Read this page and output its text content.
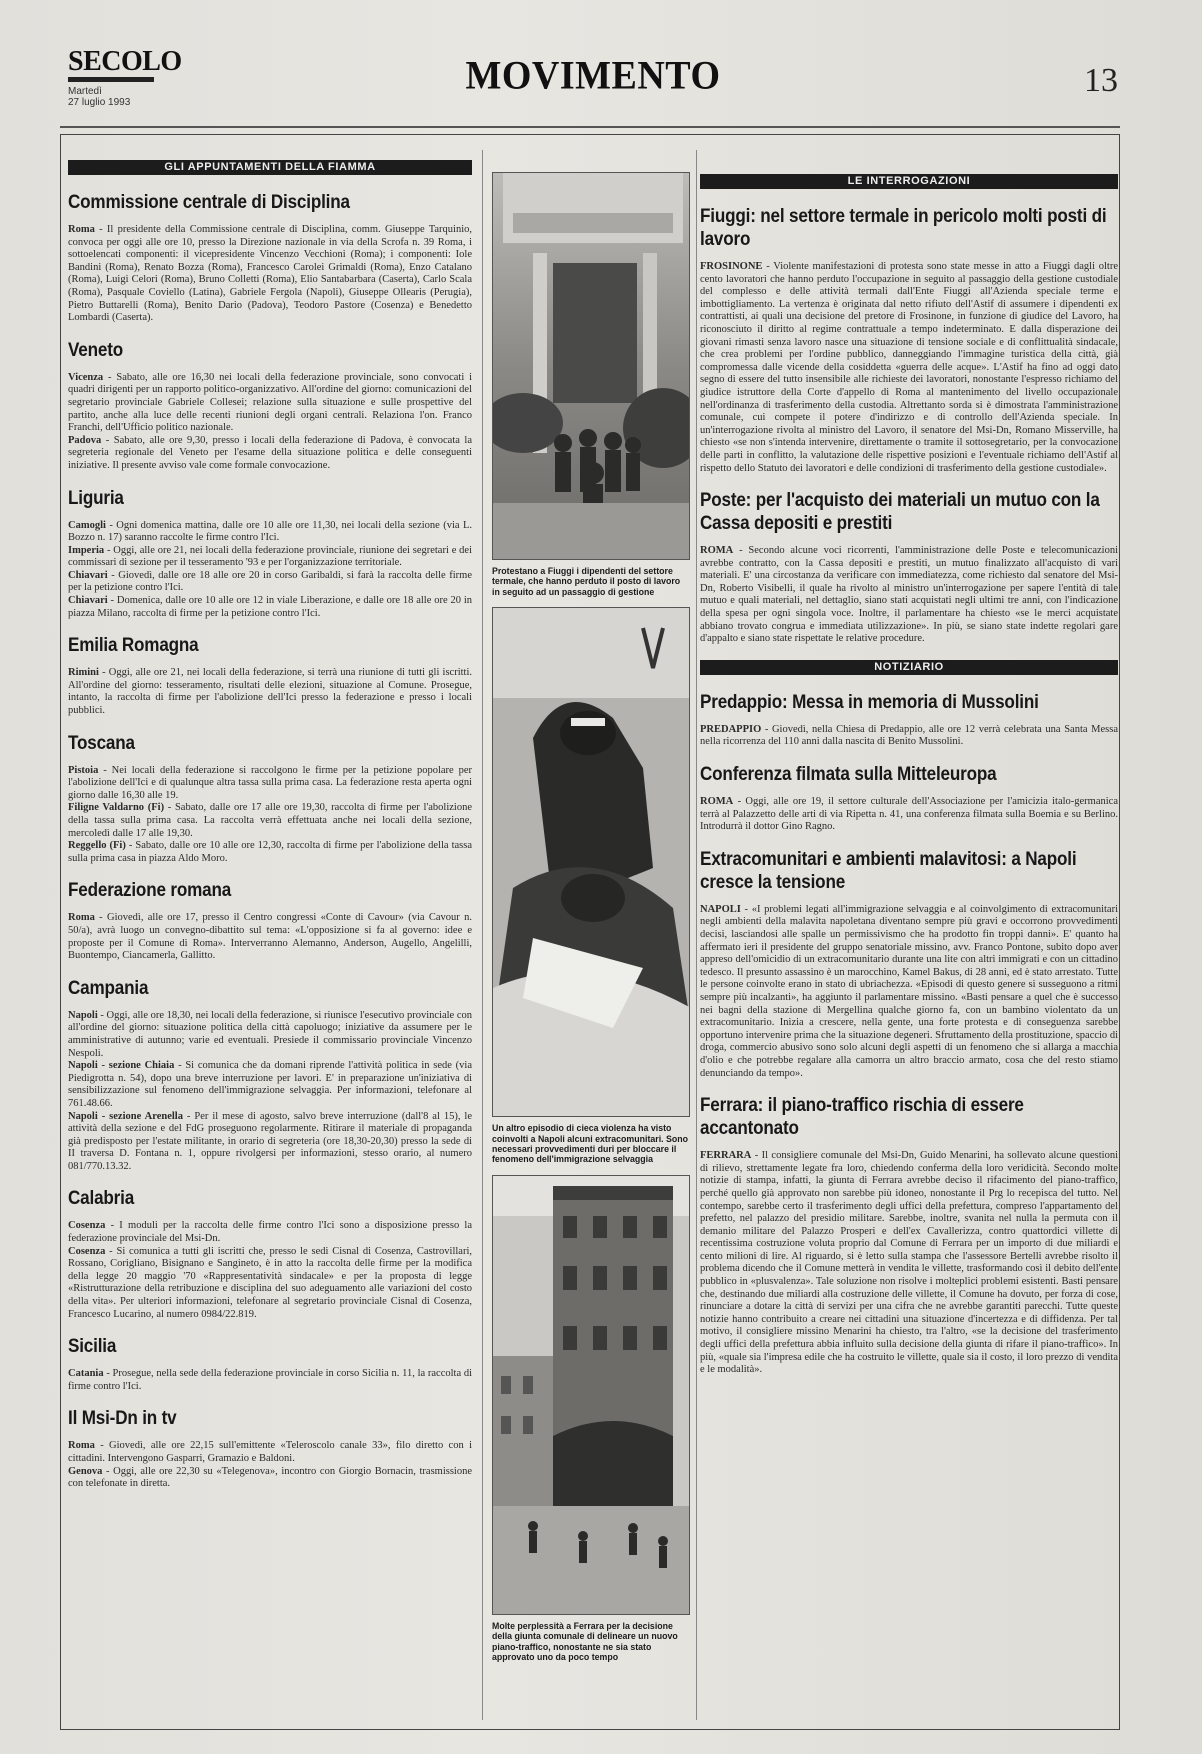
SECOLO
Martedì
27 luglio 1993
MOVIMENTO	13
GLI APPUNTAMENTI DELLA FIAMMA
Commissione centrale di Disciplina

Roma - Il presidente della Commissione centrale di Disciplina, comm. Giuseppe Tarquinio, convoca per oggi alle ore 10, presso la Direzione nazionale in via della Scrofa n. 39 Roma, i sottoelencati componenti: il vicepresidente Vincenzo Vecchioni (Roma); i componenti: Iole Bandini (Roma), Renato Bozza (Roma), Francesco Carolei Grimaldi (Roma), Enzo Catalano (Roma), Luigi Celori (Roma), Bruno Colletti (Roma), Elio Santabarbara (Caserta), Carlo Scala (Roma), Pasquale Coviello (Latina), Gabriele Fergola (Napoli), Giuseppe Ollearis (Perugia), Pietro Buttarelli (Roma), Benito Dario (Padova), Teodoro Pastore (Cosenza) e Benedetto Lombardi (Caserta).

Veneto

Vicenza - Sabato, alle ore 16,30 nei locali della federazione provinciale, sono convocati i quadri dirigenti per un rapporto politico-organizzativo. All'ordine del giorno: comunicazioni del segretario provinciale Gabriele Collesei; relazione sulla situazione e sulle prospettive del partito, anche alla luce delle recenti riunioni degli organi centrali. Relaziona l'on. Franco Franchi, dell'Ufficio politico nazionale.

Padova - Sabato, alle ore 9,30, presso i locali della federazione di Padova, è convocata la segreteria regionale del Veneto per l'esame della situazione politica e delle conseguenti iniziative. Il presente avviso vale come formale convocazione.

Liguria

Camogli - Ogni domenica mattina, dalle ore 10 alle ore 11,30, nei locali della sezione (via L. Bozzo n. 17) saranno raccolte le firme contro l'Ici.

Imperia - Oggi, alle ore 21, nei locali della federazione provinciale, riunione dei segretari e dei commissari di sezione per il tesseramento '93 e per l'organizzazione territoriale.

Chiavari - Giovedì, dalle ore 18 alle ore 20 in corso Garibaldi, si farà la raccolta delle firme per la petizione contro l'Ici.

Chiavari - Domenica, dalle ore 10 alle ore 12 in viale Liberazione, e dalle ore 18 alle ore 20 in piazza Milano, raccolta di firme per la petizione contro l'Ici.

Emilia Romagna

Rimini - Oggi, alle ore 21, nei locali della federazione, si terrà una riunione di tutti gli iscritti. All'ordine del giorno: tesseramento, risultati delle elezioni, situazione al Comune. Prosegue, intanto, la raccolta di firme per l'abolizione dell'Ici presso la federazione e presso i locali pubblici.

Toscana

Pistoia - Nei locali della federazione si raccolgono le firme per la petizione popolare per l'abolizione dell'Ici e di qualunque altra tassa sulla prima casa. La federazione resta aperta ogni giorno dalle 16,30 alle 19.

Filigne Valdarno (Fi) - Sabato, dalle ore 17 alle ore 19,30, raccolta di firme per l'abolizione della tassa sulla prima casa. La raccolta verrà effettuata anche nei locali della sezione, mercoledì dalle 17 alle 19,30.

Reggello (Fi) - Sabato, dalle ore 10 alle ore 12,30, raccolta di firme per l'abolizione della tassa sulla prima casa in piazza Aldo Moro.

Federazione romana

Roma - Giovedì, alle ore 17, presso il Centro congressi «Conte di Cavour» (via Cavour n. 50/a), avrà luogo un convegno-dibattito sul tema: «L'opposizione si fa al governo: idee e proposte per il Comune di Roma». Interverranno Alemanno, Anderson, Augello, Angelilli, Buontempo, Ciancamerla, Gallitto.

Campania

Napoli - Oggi, alle ore 18,30, nei locali della federazione, si riunisce l'esecutivo provinciale con all'ordine del giorno: situazione politica della città capoluogo; iniziative da assumere per le amministrative di autunno; varie ed eventuali. Presiede il commissario provinciale Vincenzo Nespoli.

Napoli - sezione Chiaia - Si comunica che da domani riprende l'attività politica in sede (via Piedigrotta n. 54), dopo una breve interruzione per lavori. E' in preparazione un'iniziativa di sensibilizzazione sul fenomeno dell'immigrazione selvaggia. Per informazioni, telefonare al 761.48.66.

Napoli - sezione Arenella - Per il mese di agosto, salvo breve interruzione (dall'8 al 15), le attività della sezione e del FdG proseguono regolarmente. Ritirare il materiale di propaganda già predisposto per l'estate militante, in orario di segreteria (ore 18,30-20,30) presso la sede di II traversa D. Fontana n. 1, oppure rivolgersi per informazioni, stesso orario, al numero 081/770.13.32.

Calabria

Cosenza - I moduli per la raccolta delle firme contro l'Ici sono a disposizione presso la federazione provinciale del Msi-Dn.

Cosenza - Si comunica a tutti gli iscritti che, presso le sedi Cisnal di Cosenza, Castrovillari, Rossano, Corigliano, Bisignano e Sangineto, è in atto la raccolta delle firme per la modifica della legge 20 maggio '70 «Rappresentatività sindacale» e per la proposta di legge «Ristrutturazione della retribuzione e disciplina del suo adeguamento alle variazioni del costo della vita». Per ulteriori informazioni, telefonare al segretario provinciale Cisnal di Cosenza, Francesco Lucarino, al numero 0984/22.819.

Sicilia

Catania - Prosegue, nella sede della federazione provinciale in corso Sicilia n. 11, la raccolta di firme contro l'Ici.

Il Msi-Dn in tv

Roma - Giovedì, alle ore 22,15 sull'emittente «Teleroscolo canale 33», filo diretto con i cittadini. Intervengono Gasparri, Gramazio e Baldoni.

Genova - Oggi, alle ore 22,30 su «Telegenova», incontro con Giorgio Bornacin, trasmissione con telefonate in diretta.

Protestano a Fiuggi i dipendenti del settore termale, che hanno perduto il posto di lavoro in seguito ad un passaggio di gestione
Un altro episodio di cieca violenza ha visto coinvolti a Napoli alcuni extracomunitari. Sono necessari provvedimenti duri per bloccare il fenomeno dell'immigrazione selvaggia
Molte perplessità a Ferrara per la decisione della giunta comunale di delineare un nuovo piano-traffico, nonostante ne sia stato approvato uno da poco tempo
LE INTERROGAZIONI
Fiuggi: nel settore termale in pericolo molti posti di lavoro

FROSINONE - Violente manifestazioni di protesta sono state messe in atto a Fiuggi dagli oltre cento lavoratori che hanno perduto l'occupazione in seguito al passaggio della gestione custodiale del complesso e delle attività termali dall'Ente Fiuggi all'Azienda speciale terme e imbottigliamento. La vertenza è originata dal netto rifiuto dell'Astif di assumere i dipendenti ex contrattisti, ai quali una decisione del pretore di Frosinone, in funzione di giudice del Lavoro, ha riconosciuto il diritto al regime contrattuale a tempo indeterminato. E dalla disperazione dei giovani rimasti senza lavoro nasce una situazione di tensione sociale e di conflittualità sindacale, che crea problemi per l'ordine pubblico, danneggiando l'immagine turistica della città, già compromessa dalle vicende della cosiddetta «guerra delle acque». L'Astif ha fino ad oggi dato segno di essere del tutto insensibile alle richieste dei lavoratori, nonostante l'espresso richiamo del giudice istruttore della Corte d'appello di Roma al mantenimento del livello occupazionale nell'ordinanza di trasferimento della custodia. Altrettanto sorda si è dimostrata l'amministrazione comunale, cui compete il potere d'indirizzo e di controllo dell'Azienda speciale. In un'interrogazione rivolta al ministro del Lavoro, il senatore del Msi-Dn, Romano Misserville, ha chiesto «se non s'intenda intervenire, direttamente o tramite il sottosegretario, per la convocazione delle parti in conflitto, la valutazione delle rispettive posizioni e l'eventuale richiamo dell'Astif al rispetto dello Statuto dei lavoratori e delle condizioni di trasferimento della gestione custodiale».

Poste: per l'acquisto dei materiali un mutuo con la Cassa depositi e prestiti

ROMA - Secondo alcune voci ricorrenti, l'amministrazione delle Poste e telecomunicazioni avrebbe contratto, con la Cassa depositi e prestiti, un mutuo finalizzato all'acquisto di vari materiali. E' una circostanza da verificare con immediatezza, come richiesto dal senatore del Msi-Dn, Roberto Visibelli, il quale ha rivolto al ministro un'interrogazione per sapere l'entità di tale mutuo e quali materiali, nel dettaglio, siano stati acquistati negli ultimi tre anni, con l'indicazione della spesa per ogni singola voce. Inoltre, il parlamentare ha chiesto «se le merci acquistate abbiano trovato congrua e immediata utilizzazione». In più, se siano state indette regolari gare d'appalto e siano state rispettate le relative procedure.

NOTIZIARIO
Predappio: Messa in memoria di Mussolini

PREDAPPIO - Giovedì, nella Chiesa di Predappio, alle ore 12 verrà celebrata una Santa Messa nella ricorrenza del 110 anni dalla nascita di Benito Mussolini.

Conferenza filmata sulla Mitteleuropa

ROMA - Oggi, alle ore 19, il settore culturale dell'Associazione per l'amicizia italo-germanica terrà al Palazzetto delle arti di via Ripetta n. 41, una conferenza filmata sulla Boemia e su Berlino. Introdurrà il dottor Gino Ragno.

Extracomunitari e ambienti malavitosi: a Napoli cresce la tensione

NAPOLI - «I problemi legati all'immigrazione selvaggia e al coinvolgimento di extracomunitari negli ambienti della malavita napoletana diventano sempre più gravi e occorrono provvedimenti decisi, lasciandosi alle spalle un permissivismo che ha prodotto fin troppi danni». E' quanto ha affermato ieri il presidente del gruppo senatoriale missino, avv. Franco Pontone, subito dopo aver appreso dell'omicidio di un extracomunitario durante una lite con altri immigrati e con un cittadino tedesco. Il presunto assassino è un marocchino, Kamel Bakus, di 28 anni, ed è stato arrestato. Tutte le persone coinvolte erano in stato di ubriachezza. «Episodi di questo genere si susseguono a ritmi sempre più incalzanti», ha aggiunto il parlamentare missino. «Basti pensare a quel che è successo nei bagni della stazione di Mergellina qualche giorno fa, con un bambino violentato da un extracomunitario. Inizia a crescere, nella gente, una forte protesta e di conseguenza sarebbe opportuno intervenire prima che la situazione degeneri. Sfruttamento della prostituzione, spaccio di droga, commercio abusivo sono solo alcuni degli aspetti di un fenomeno che si allarga a macchia d'olio e che potrebbe regalare alla camorra un altro braccio armato, cosa che del resto stiamo denunciando da tempo».

Ferrara: il piano-traffico rischia di essere accantonato

FERRARA - Il consigliere comunale del Msi-Dn, Guido Menarini, ha sollevato alcune questioni di rilievo, strettamente legate fra loro, chiedendo conferma della loro veridicità. Secondo molte notizie di stampa, infatti, la giunta di Ferrara avrebbe deciso il rifacimento del piano-traffico, perché quello già approvato non sarebbe più idoneo, nonostante il Prg lo recepisca del tutto. Nel contempo, sarebbe certo il trasferimento degli uffici della prefettura, compreso l'appartamento del prefetto, nel palazzo del presidio militare. Sarebbe, inoltre, svanita nel nulla la permuta con il demanio militare del Palazzo Prosperi e dell'ex Cavallerizza, contro quattordici villette di recentissima costruzione voluta proprio dal Comune di Ferrara per un importo di due miliardi e cento milioni di lire. Al riguardo, si è letto sulla stampa che l'assessore Bertelli avrebbe risolto il problema dicendo che il Comune metterà in vendita le villette, trasformando così il debito dell'ente pubblico in «plusvalenza». Tale soluzione non risolve i molteplici problemi esistenti. Basti pensare che, destinando due miliardi alla costruzione delle villette, il Comune ha dovuto, per forza di cose, rinunciare a dotare la città di servizi per una cifra che ne avrebbe garantiti parecchi. Tutte queste notizie hanno contribuito a creare nei cittadini una situazione d'incertezza e di diffidenza. Per tal motivo, il consigliere missino Menarini ha chiesto, tra l'altro, «se la decisione del trasferimento degli uffici della prefettura abbia influito sulla decisione della giunta di rifare il piano-traffico». In più, «quale sia l'impresa edile che ha costruito le villette, quale sia il costo, il loro prezzo di vendita e le modalità».
